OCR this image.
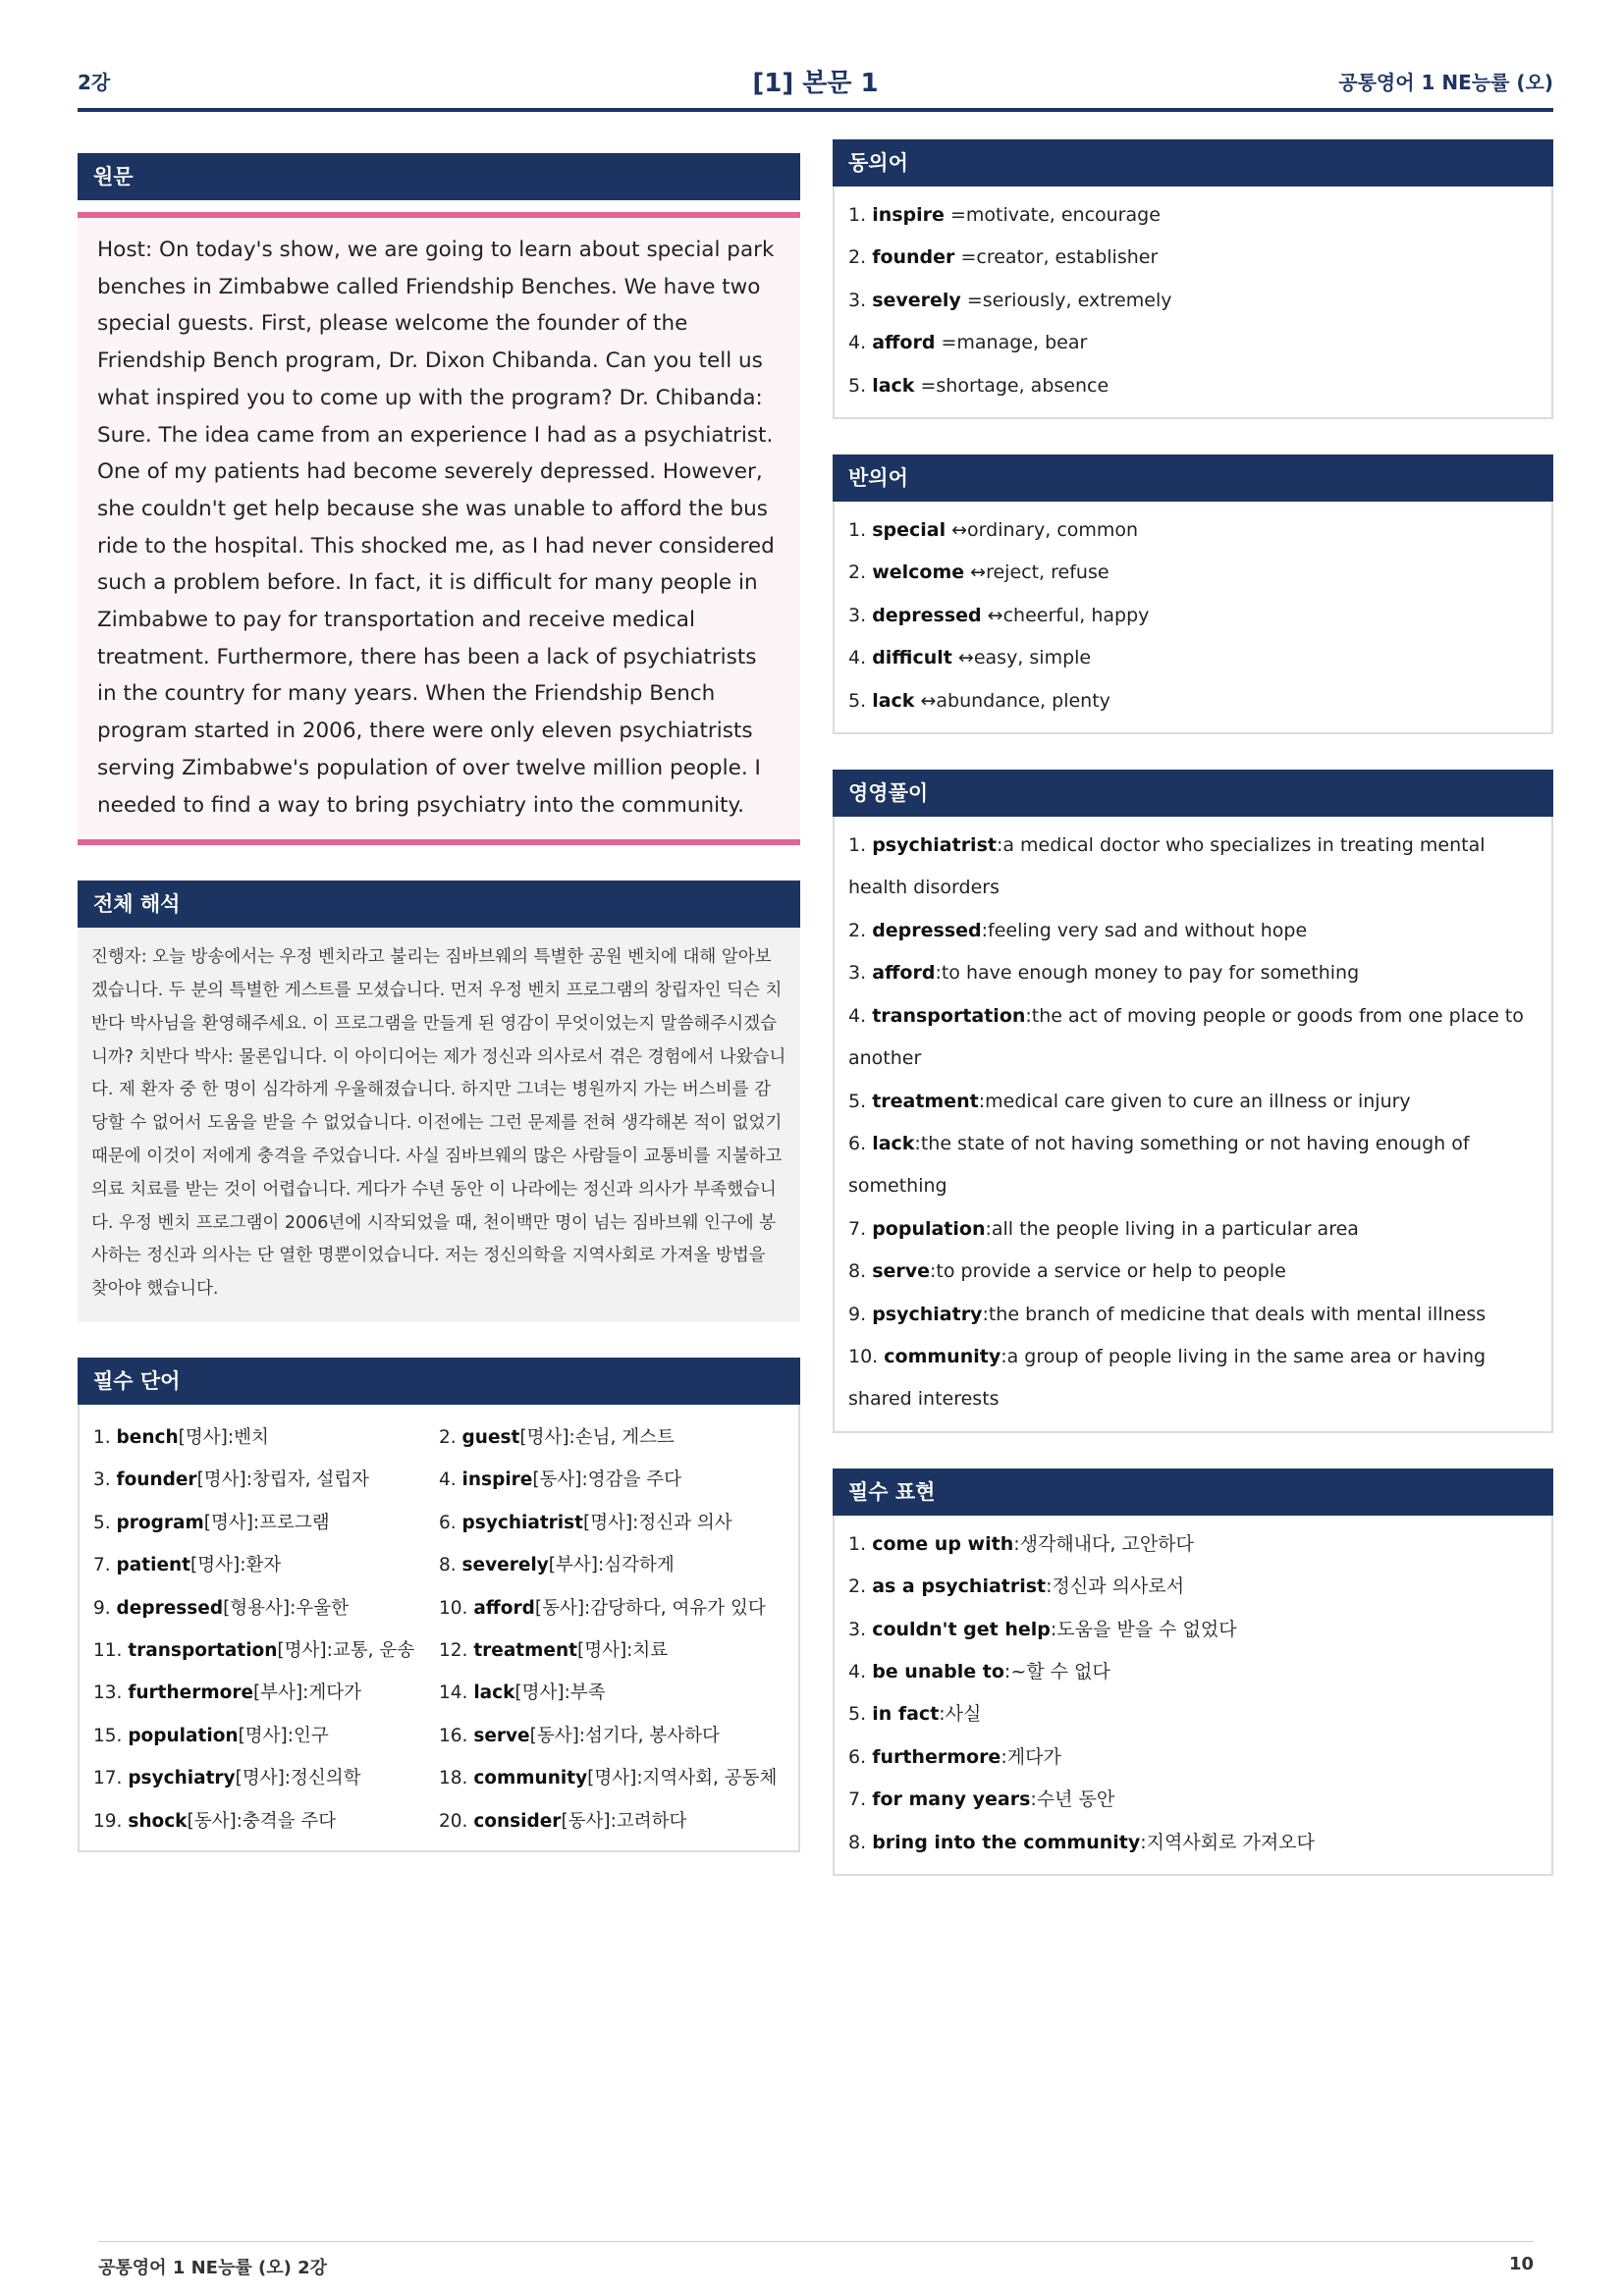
2강	[1] 본문 1	공통영어 1 NE능률 (오)
원문
Host: On today's show, we are going to learn about special park benches in Zimbabwe called Friendship Benches. We have two special guests. First, please welcome the founder of the Friendship Bench program, Dr. Dixon Chibanda. Can you tell us what inspired you to come up with the program? Dr. Chibanda: Sure. The idea came from an experience I had as a psychiatrist. One of my patients had become severely depressed. However, she couldn't get help because she was unable to afford the bus ride to the hospital. This shocked me, as I had never considered such a problem before. In fact, it is difficult for many people in Zimbabwe to pay for transportation and receive medical treatment. Furthermore, there has been a lack of psychiatrists in the country for many years. When the Friendship Bench program started in 2006, there were only eleven psychiatrists serving Zimbabwe's population of over twelve million people. I needed to find a way to bring psychiatry into the community.
전체 해석
진행자: 오늘 방송에서는 우정 벤치라고 불리는 짐바브웨의 특별한 공원 벤치에 대해 알아보겠습니다. 두 분의 특별한 게스트를 모셨습니다. 먼저 우정 벤치 프로그램의 창립자인 딕슨 치반다 박사님을 환영해주세요. 이 프로그램을 만들게 된 영감이 무엇이었는지 말씀해주시겠습니까? 치반다 박사: 물론입니다. 이 아이디어는 제가 정신과 의사로서 겪은 경험에서 나왔습니다. 제 환자 중 한 명이 심각하게 우울해졌습니다. 하지만 그녀는 병원까지 가는 버스비를 감당할 수 없어서 도움을 받을 수 없었습니다. 이전에는 그런 문제를 전혀 생각해본 적이 없었기 때문에 이것이 저에게 충격을 주었습니다. 사실 짐바브웨의 많은 사람들이 교통비를 지불하고 의료 치료를 받는 것이 어렵습니다. 게다가 수년 동안 이 나라에는 정신과 의사가 부족했습니다. 우정 벤치 프로그램이 2006년에 시작되었을 때, 천이백만 명이 넘는 짐바브웨 인구에 봉사하는 정신과 의사는 단 열한 명뿐이었습니다. 저는 정신의학을 지역사회로 가져올 방법을 찾아야 했습니다.
필수 단어
1. bench[명사]:벤치	2. guest[명사]:손님, 게스트
3. founder[명사]:창립자, 설립자	4. inspire[동사]:영감을 주다
5. program[명사]:프로그램	6. psychiatrist[명사]:정신과 의사
7. patient[명사]:환자	8. severely[부사]:심각하게
9. depressed[형용사]:우울한	10. afford[동사]:감당하다, 여유가 있다
11. transportation[명사]:교통, 운송	12. treatment[명사]:치료
13. furthermore[부사]:게다가	14. lack[명사]:부족
15. population[명사]:인구	16. serve[동사]:섬기다, 봉사하다
17. psychiatry[명사]:정신의학	18. community[명사]:지역사회, 공동체
19. shock[동사]:충격을 주다	20. consider[동사]:고려하다
동의어
1. inspire =motivate, encourage
2. founder =creator, establisher
3. severely =seriously, extremely
4. afford =manage, bear
5. lack =shortage, absence
반의어
1. special ↔ordinary, common
2. welcome ↔reject, refuse
3. depressed ↔cheerful, happy
4. difficult ↔easy, simple
5. lack ↔abundance, plenty
영영풀이
1. psychiatrist:a medical doctor who specializes in treating mental health disorders
2. depressed:feeling very sad and without hope
3. afford:to have enough money to pay for something
4. transportation:the act of moving people or goods from one place to another
5. treatment:medical care given to cure an illness or injury
6. lack:the state of not having something or not having enough of something
7. population:all the people living in a particular area
8. serve:to provide a service or help to people
9. psychiatry:the branch of medicine that deals with mental illness
10. community:a group of people living in the same area or having shared interests
필수 표현
1. come up with:생각해내다, 고안하다
2. as a psychiatrist:정신과 의사로서
3. couldn't get help:도움을 받을 수 없었다
4. be unable to:~할 수 없다
5. in fact:사실
6. furthermore:게다가
7. for many years:수년 동안
8. bring into the community:지역사회로 가져오다
공통영어 1 NE능률 (오) 2강	10
